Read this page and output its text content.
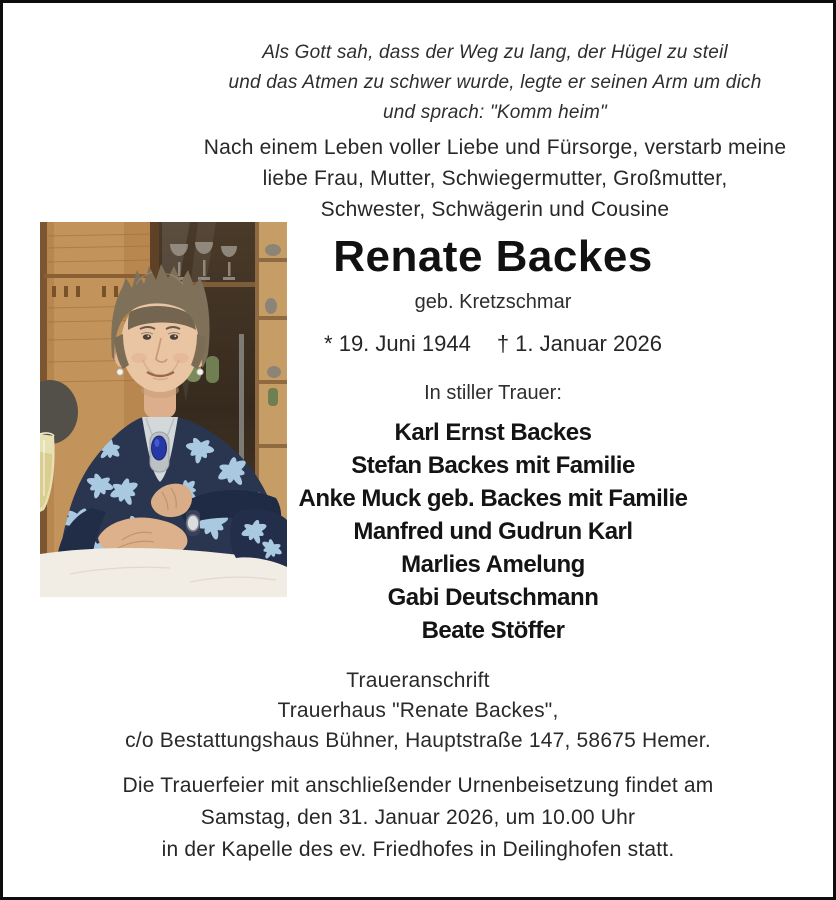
Als Gott sah, dass der Weg zu lang, der Hügel zu steil
und das Atmen zu schwer wurde, legte er seinen Arm um dich
und sprach: "Komm heim"
Nach einem Leben voller Liebe und Fürsorge, verstarb meine
liebe Frau, Mutter, Schwiegermutter, Großmutter,
Schwester, Schwägerin und Cousine
Renate Backes
geb. Kretzschmar
* 19. Juni 1944 † 1. Januar 2026
In stiller Trauer:
Karl Ernst Backes
Stefan Backes mit Familie
Anke Muck geb. Backes mit Familie
Manfred und Gudrun Karl
Marlies Amelung
Gabi Deutschmann
Beate Stöffer
Traueranschrift
Trauerhaus "Renate Backes",
c/o Bestattungshaus Bühner, Hauptstraße 147, 58675 Hemer.
Die Trauerfeier mit anschließender Urnenbeisetzung findet am
Samstag, den 31. Januar 2026, um 10.00 Uhr
in der Kapelle des ev. Friedhofes in Deilinghofen statt.
